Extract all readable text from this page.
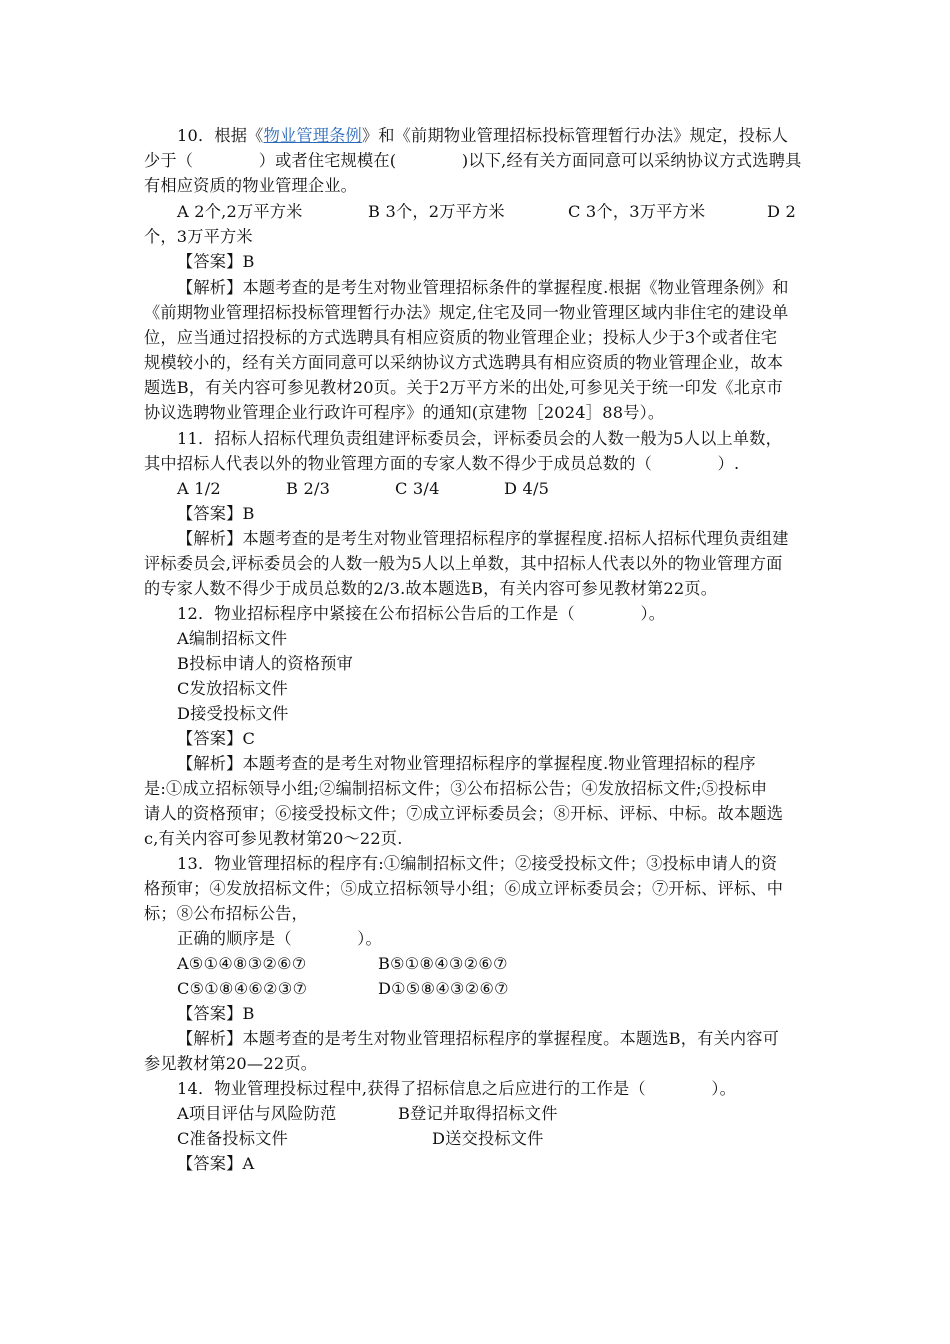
10．根据《物业管理条例》和《前期物业管理招标投标管理暂行办法》规定，投标人
少于（　　　　）或者住宅规模在(　　　　)以下,经有关方面同意可以采纳协议方式选聘具
有相应资质的物业管理企业。
A 2个,2万平方米	B 3个，2万平方米	C 3个，3万平方米	D 2
个，3万平方米
【答案】B
【解析】本题考查的是考生对物业管理招标条件的掌握程度.根据《物业管理条例》和
《前期物业管理招标投标管理暂行办法》规定,住宅及同一物业管理区域内非住宅的建设单
位，应当通过招投标的方式选聘具有相应资质的物业管理企业；投标人少于3个或者住宅
规模较小的，经有关方面同意可以采纳协议方式选聘具有相应资质的物业管理企业，故本
题选B，有关内容可参见教材20页。关于2万平方米的出处,可参见关于统一印发《北京市
协议选聘物业管理企业行政许可程序》的通知(京建物［2024］88号）。
11．招标人招标代理负责组建评标委员会，评标委员会的人数一般为5人以上单数，
其中招标人代表以外的物业管理方面的专家人数不得少于成员总数的（　　　　）.
A 1/2	B 2/3	C 3/4	D 4/5
【答案】B
【解析】本题考查的是考生对物业管理招标程序的掌握程度.招标人招标代理负责组建
评标委员会,评标委员会的人数一般为5人以上单数，其中招标人代表以外的物业管理方面
的专家人数不得少于成员总数的2/3.故本题选B，有关内容可参见教材第22页。
12．物业招标程序中紧接在公布招标公告后的工作是（　　　　）。
A编制招标文件
B投标申请人的资格预审
C发放招标文件
D接受投标文件
【答案】C
【解析】本题考查的是考生对物业管理招标程序的掌握程度.物业管理招标的程序
是:①成立招标领导小组;②编制招标文件；③公布招标公告；④发放招标文件;⑤投标申
请人的资格预审；⑥接受投标文件；⑦成立评标委员会；⑧开标、评标、中标。故本题选
c,有关内容可参见教材第20～22页.
13．物业管理招标的程序有:①编制招标文件；②接受投标文件；③投标申请人的资
格预审；④发放招标文件；⑤成立招标领导小组；⑥成立评标委员会；⑦开标、评标、中
标；⑧公布招标公告，
正确的顺序是（　　　　）。
A⑤①④⑧③②⑥⑦	B⑤①⑧④③②⑥⑦
C⑤①⑧④⑥②③⑦	D①⑤⑧④③②⑥⑦
【答案】B
【解析】本题考查的是考生对物业管理招标程序的掌握程度。本题选B，有关内容可
参见教材第20—22页。
14．物业管理投标过程中,获得了招标信息之后应进行的工作是（　　　　）。
A项目评估与风险防范	B登记并取得招标文件
C准备投标文件	D送交投标文件
【答案】A
